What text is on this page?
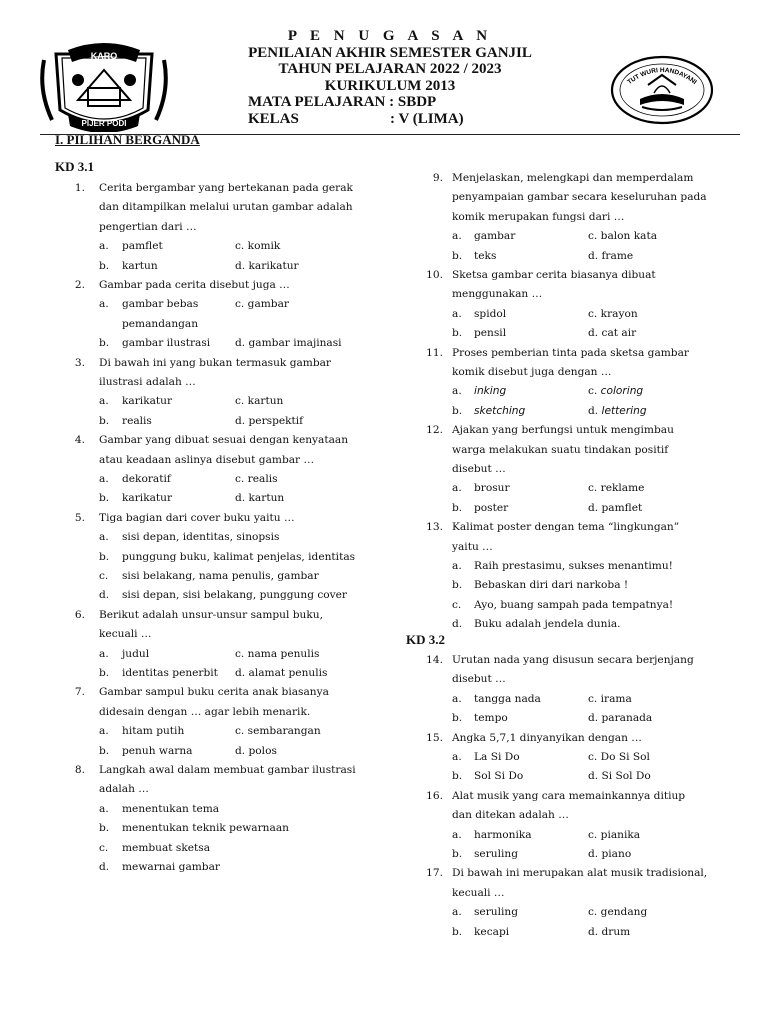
KARO
PIJER PODI
P E N U G A S A N
PENILAIAN AKHIR SEMESTER GANJIL
TAHUN PELAJARAN 2022 / 2023
KURIKULUM 2013
MATA PELAJARAN : SBDP
KELAS	: V (LIMA)
TUT WURI HANDAYANI
I. PILIHAN BERGANDA
KD 3.1
1. Cerita bergambar yang bertekanan pada gerak
dan ditampilkan melalui urutan gambar adalah
pengertian dari …
a. pamflet	c. komik
b. kartun	d. karikatur
2. Gambar pada cerita disebut juga …
a. gambar bebas	c. gambar
pemandangan
b. gambar ilustrasi d. gambar imajinasi
3. Di bawah ini yang bukan termasuk gambar
ilustrasi adalah …
a. karikatur	c. kartun
b. realis	d. perspektif
4. Gambar yang dibuat sesuai dengan kenyataan
atau keadaan aslinya disebut gambar …
a. dekoratif	c. realis
b. karikatur	d. kartun
5. Tiga bagian dari cover buku yaitu …
a. sisi depan, identitas, sinopsis
b. punggung buku, kalimat penjelas, identitas
c. sisi belakang, nama penulis, gambar
d. sisi depan, sisi belakang, punggung cover
6. Berikut adalah unsur-unsur sampul buku,
kecuali …
a. judul	c. nama penulis
b. identitas penerbit d. alamat penulis
7. Gambar sampul buku cerita anak biasanya
didesain dengan … agar lebih menarik.
a. hitam putih	c. sembarangan
b. penuh warna	d. polos
8. Langkah awal dalam membuat gambar ilustrasi
adalah …
a. menentukan tema
b. menentukan teknik pewarnaan
c. membuat sketsa
d. mewarnai gambar
9. Menjelaskan, melengkapi dan memperdalam
penyampaian gambar secara keseluruhan pada
komik merupakan fungsi dari …
a. gambar	c. balon kata
b. teks	d. frame
10. Sketsa gambar cerita biasanya dibuat
menggunakan …
a. spidol	c. krayon
b. pensil	d. cat air
11. Proses pemberian tinta pada sketsa gambar
komik disebut juga dengan …
a. inking	c. coloring
b. sketching	d. lettering
12. Ajakan yang berfungsi untuk mengimbau
warga melakukan suatu tindakan positif
disebut …
a. brosur	c. reklame
b. poster	d. pamflet
13. Kalimat poster dengan tema “lingkungan”
yaitu …
a. Raih prestasimu, sukses menantimu!
b. Bebaskan diri dari narkoba !
c. Ayo, buang sampah pada tempatnya!
d. Buku adalah jendela dunia.
KD 3.2
14. Urutan nada yang disusun secara berjenjang
disebut …
a. tangga nada	c. irama
b. tempo	d. paranada
15. Angka 5,7,1 dinyanyikan dengan …
a. La Si Do	c. Do Si Sol
b. Sol Si Do	d. Si Sol Do
16. Alat musik yang cara memainkannya ditiup
dan ditekan adalah …
a. harmonika	c. pianika
b. seruling	d. piano
17. Di bawah ini merupakan alat musik tradisional,
kecuali …
a. seruling	c. gendang
b. kecapi	d. drum
